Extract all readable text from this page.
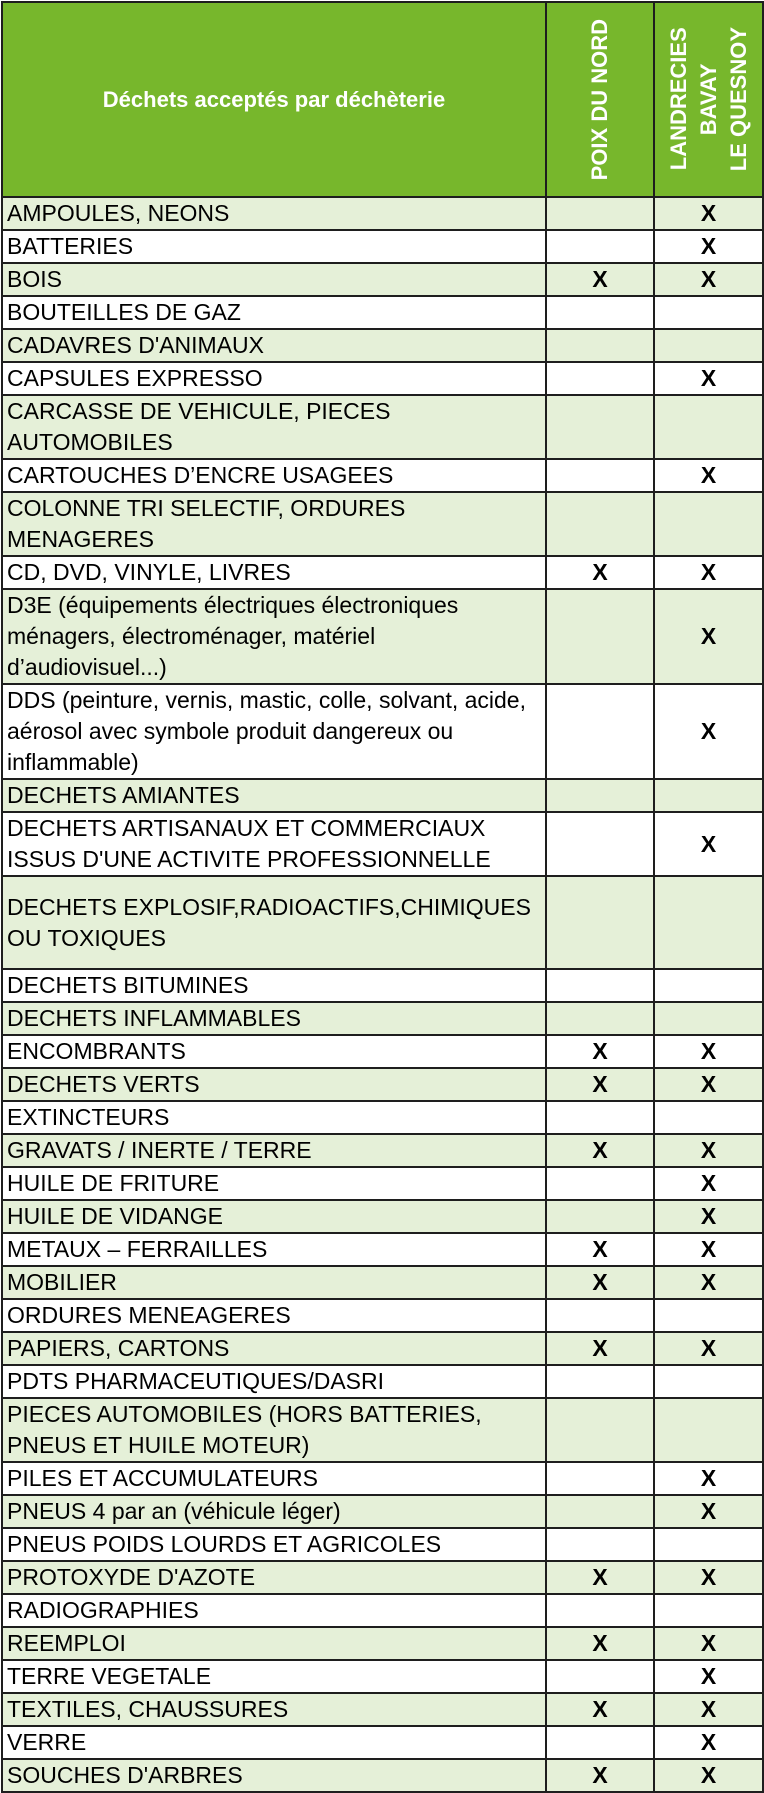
Déchets acceptés par déchèterie	POIX DU NORD	LANDRECIES BAVAY LE QUESNOY

AMPOULES, NEONS		X
BATTERIES		X
BOIS	X	X
BOUTEILLES DE GAZ		
CADAVRES D'ANIMAUX		
CAPSULES EXPRESSO		X
CARCASSE DE VEHICULE, PIECES AUTOMOBILES		
CARTOUCHES D’ENCRE USAGEES		X
COLONNE TRI SELECTIF, ORDURES MENAGERES		
CD, DVD, VINYLE, LIVRES	X	X
D3E (équipements électriques électroniques ménagers, électroménager, matériel d’audiovisuel...)		X
DDS (peinture, vernis, mastic, colle, solvant, acide, aérosol avec symbole produit dangereux ou inflammable)		X
DECHETS AMIANTES		
DECHETS ARTISANAUX ET COMMERCIAUX ISSUS D'UNE ACTIVITE PROFESSIONNELLE		X
DECHETS EXPLOSIF,RADIOACTIFS,CHIMIQUES OU TOXIQUES		
DECHETS BITUMINES		
DECHETS INFLAMMABLES		
ENCOMBRANTS	X	X
DECHETS VERTS	X	X
EXTINCTEURS		
GRAVATS / INERTE / TERRE	X	X
HUILE DE FRITURE		X
HUILE DE VIDANGE		X
METAUX – FERRAILLES	X	X
MOBILIER	X	X
ORDURES MENEAGERES		
PAPIERS, CARTONS	X	X
PDTS PHARMACEUTIQUES/DASRI		
PIECES AUTOMOBILES (HORS BATTERIES, PNEUS ET HUILE MOTEUR)		
PILES ET ACCUMULATEURS		X
PNEUS 4 par an (véhicule léger)		X
PNEUS POIDS LOURDS ET AGRICOLES		
PROTOXYDE D'AZOTE	X	X
RADIOGRAPHIES		
REEMPLOI	X	X
TERRE VEGETALE		X
TEXTILES, CHAUSSURES	X	X
VERRE		X
SOUCHES D'ARBRES	X	X
